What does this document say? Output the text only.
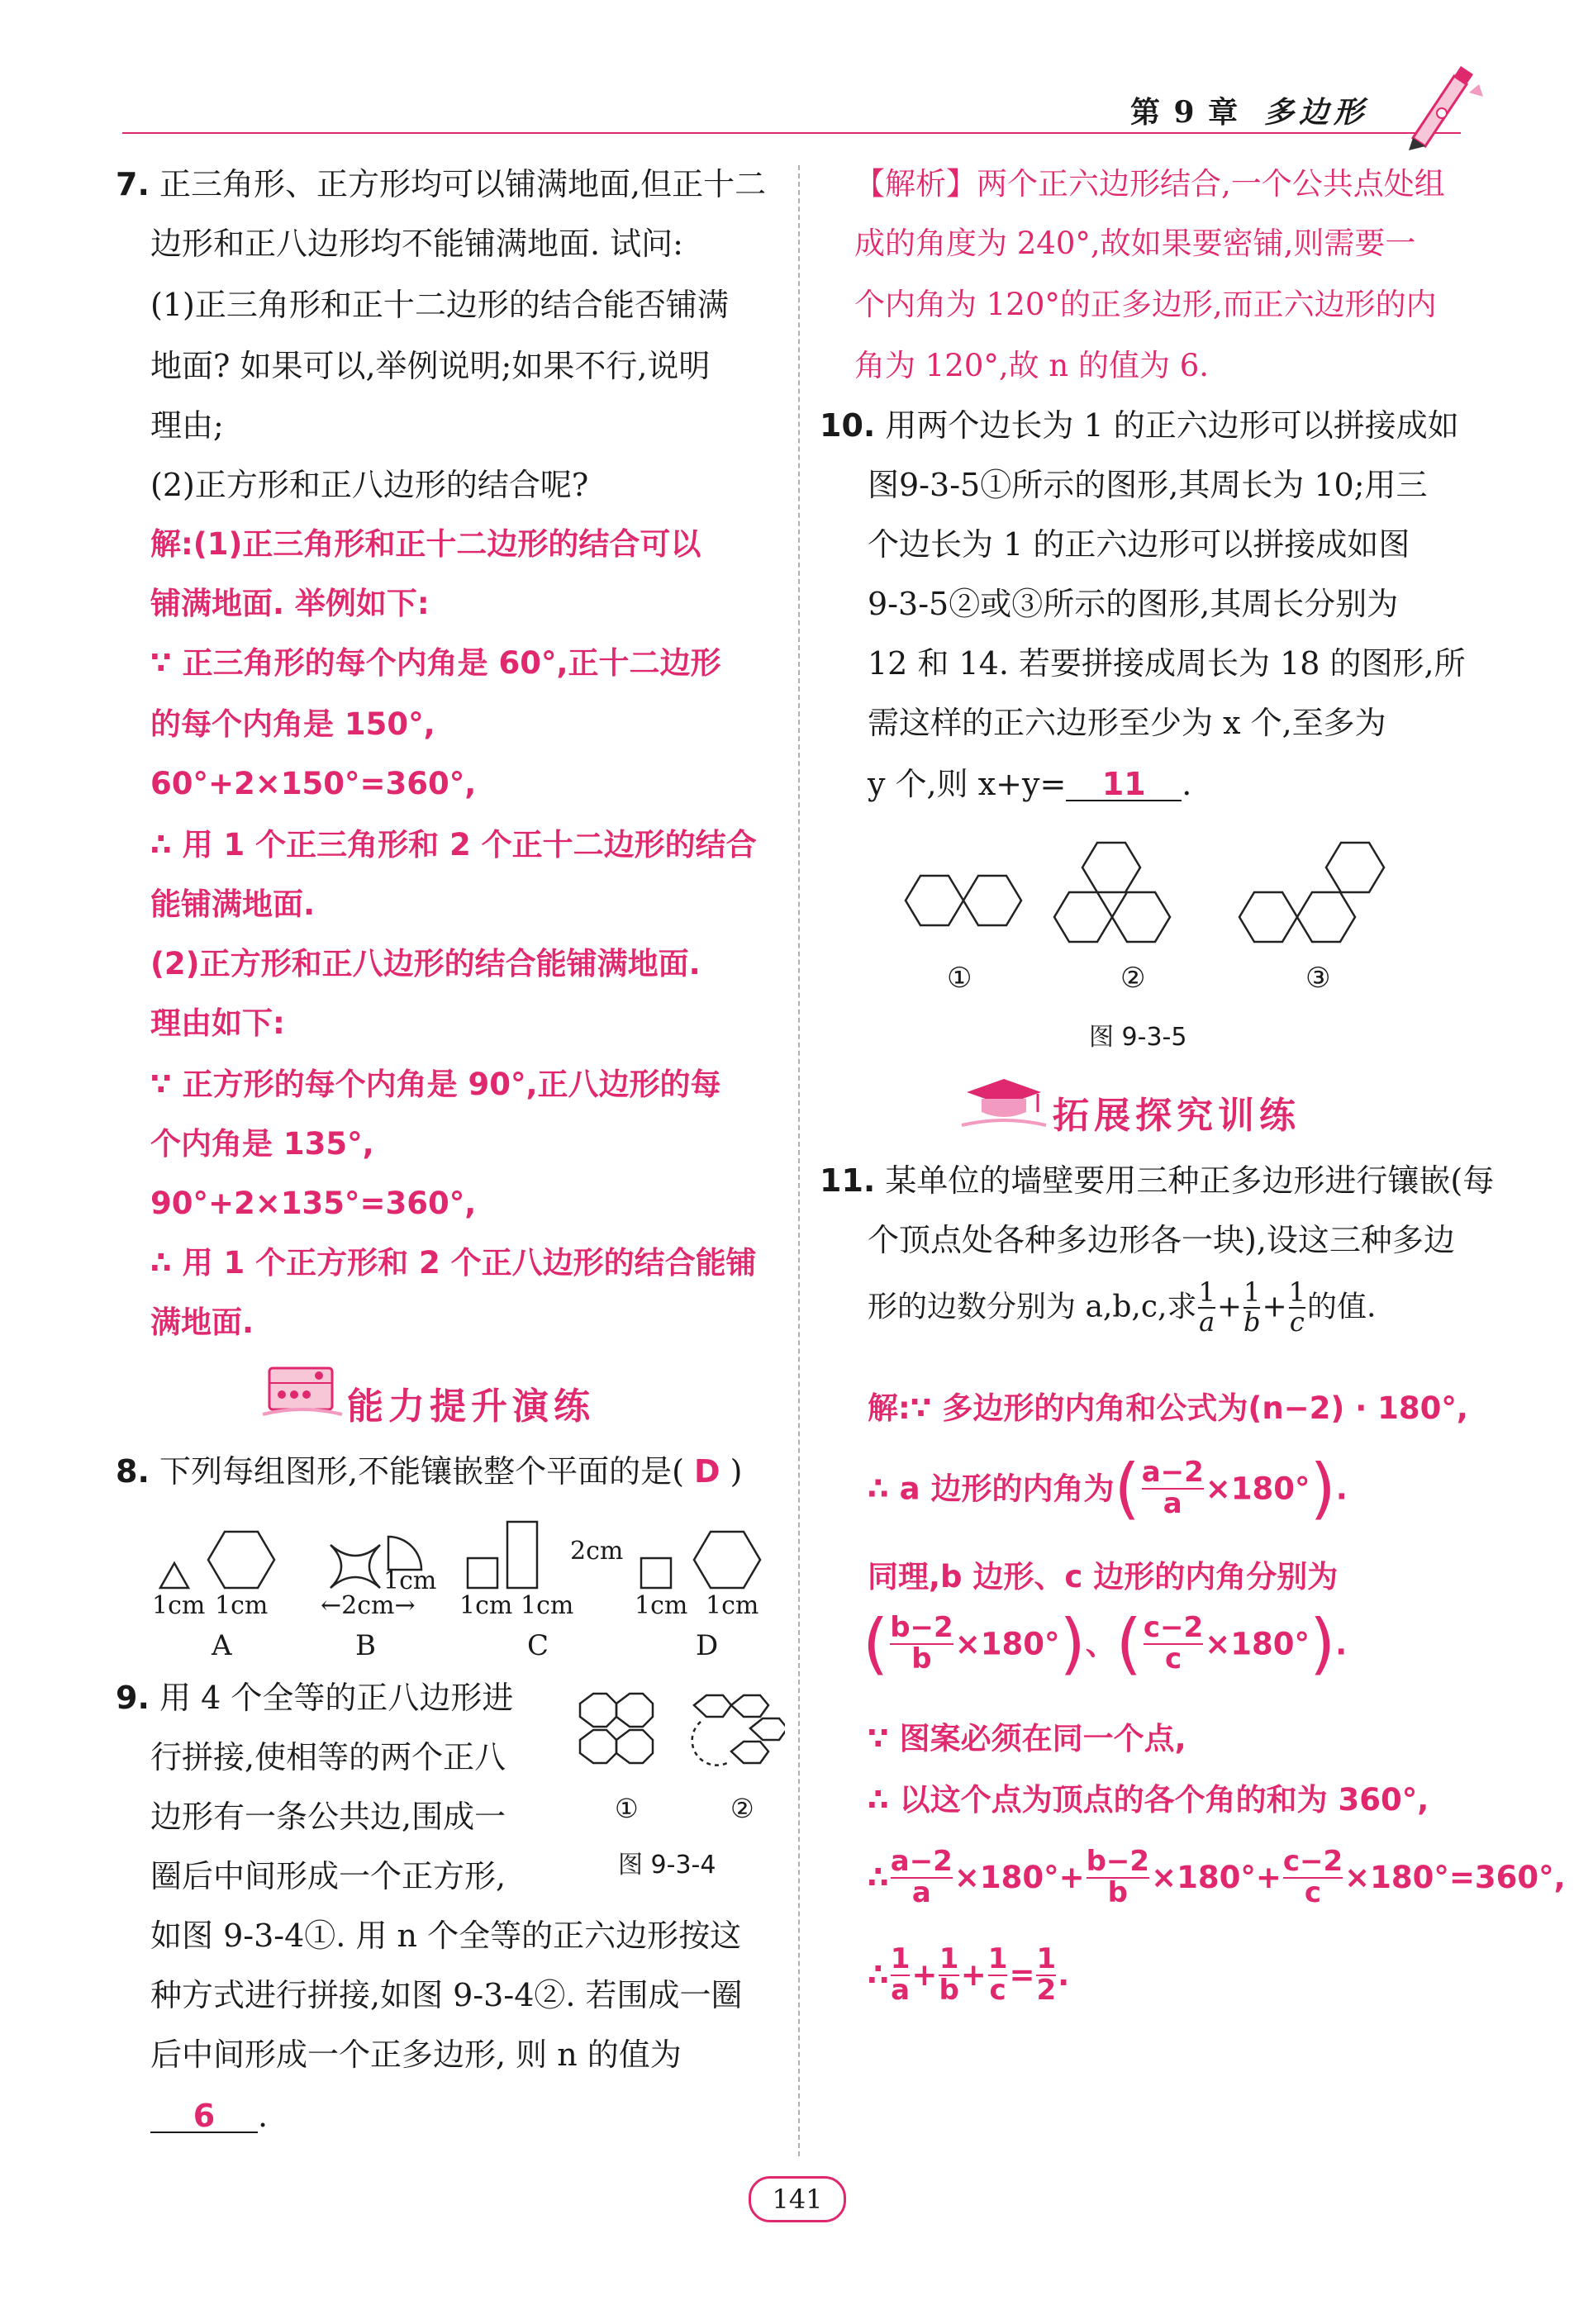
第 9 章 多边形
7. 正三角形、正方形均可以铺满地面,但正十二
边形和正八边形均不能铺满地面. 试问:
(1)正三角形和正十二边形的结合能否铺满
地面? 如果可以,举例说明;如果不行,说明
理由;
(2)正方形和正八边形的结合呢?
解:(1)正三角形和正十二边形的结合可以
铺满地面. 举例如下:
∵ 正三角形的每个内角是 60°,正十二边形
的每个内角是 150°,
60°+2×150°=360°,
∴ 用 1 个正三角形和 2 个正十二边形的结合
能铺满地面.
(2)正方形和正八边形的结合能铺满地面.
理由如下:
∵ 正方形的每个内角是 90°,正八边形的每
个内角是 135°,
90°+2×135°=360°,
∴ 用 1 个正方形和 2 个正八边形的结合能铺
满地面.
能力提升演练
8. 下列每组图形,不能镶嵌整个平面的是( D )
1cm 1cm ←2cm→
1cm
1cm 1cm
2cm
1cm 1cm
A	B	C	D
9. 用 4 个全等的正八边形进
行拼接,使相等的两个正八
边形有一条公共边,围成一
圈后中间形成一个正方形,
如图 9-3-4①. 用 n 个全等的正六边形按这
种方式进行拼接,如图 9-3-4②. 若围成一圈
后中间形成一个正多边形, 则 n 的值为
6 .
①	②
图 9-3-4
【解析】两个正六边形结合,一个公共点处组
成的角度为 240°,故如果要密铺,则需要一
个内角为 120°的正多边形,而正六边形的内
角为 120°,故 n 的值为 6.
10. 用两个边长为 1 的正六边形可以拼接成如
图9-3-5①所示的图形,其周长为 10;用三
个边长为 1 的正六边形可以拼接成如图
9-3-5②或③所示的图形,其周长分别为
12 和 14. 若要拼接成周长为 18 的图形,所
需这样的正六边形至少为 x 个,至多为
y 个,则 x+y= 11 .
①	②	③
图 9-3-5
拓展探究训练
11. 某单位的墙壁要用三种正多边形进行镶嵌(每
个顶点处各种多边形各一块),设这三种多边
形的边数分别为 a,b,c,求 $\frac{1}{a} + \frac{1}{b} + \frac{1}{c}$ 的值.
解:∵ 多边形的内角和公式为(n−2) · 180°,
∴ a 边形的内角为( $\frac{a-2}{a} \times 180^\circ$).
同理,b 边形、c 边形的内角分别为
( $\frac{b-2}{b} \times 180^\circ$)、( $\frac{c-2}{c} \times 180^\circ$).
∵ 图案必须在同一个点,
∴ 以这个点为顶点的各个角的和为 360°,
∴ $\frac{a-2}{a} \times 180^\circ+ \frac{b-2}{b} \times 180^\circ+ \frac{c-2}{c} \times 180^\circ=360^\circ$,
∴ $\frac{1}{a} + \frac{1}{b} + \frac{1}{c} = \frac{1}{2}$ .
141
